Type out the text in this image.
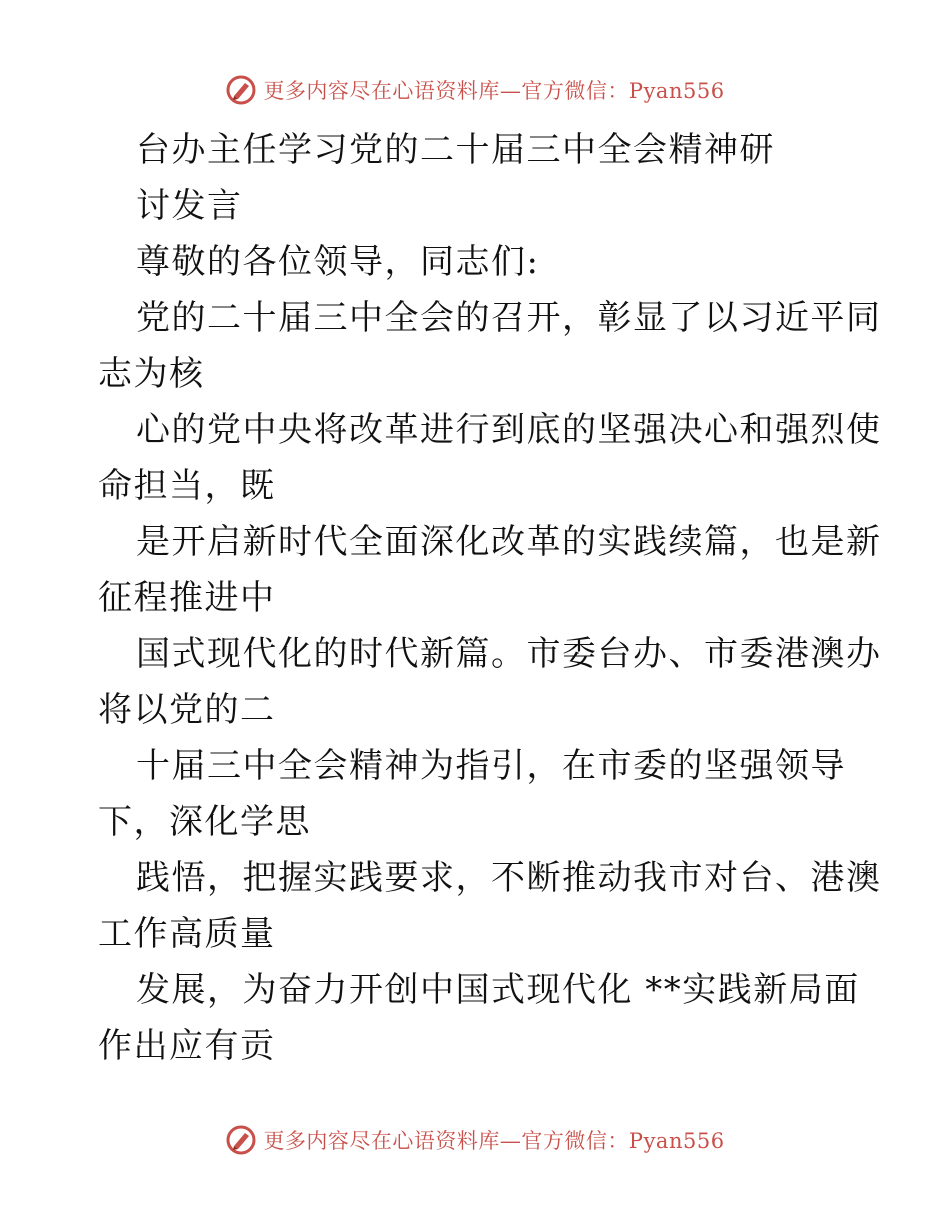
更多内容尽在心语资料库—官方微信：Pyan556
台办主任学习党的二十届三中全会精神研
讨发言
尊敬的各位领导，同志们:
党的二十届三中全会的召开，彰显了以习近平同
志为核
心的党中央将改革进行到底的坚强决心和强烈使
命担当，既
是开启新时代全面深化改革的实践续篇，也是新
征程推进中
国式现代化的时代新篇。市委台办、市委港澳办
将以党的二
十届三中全会精神为指引，在市委的坚强领导
下，深化学思
践悟，把握实践要求，不断推动我市对台、港澳
工作高质量
发展，为奋力开创中国式现代化 **实践新局面
作出应有贡
更多内容尽在心语资料库—官方微信：Pyan556
